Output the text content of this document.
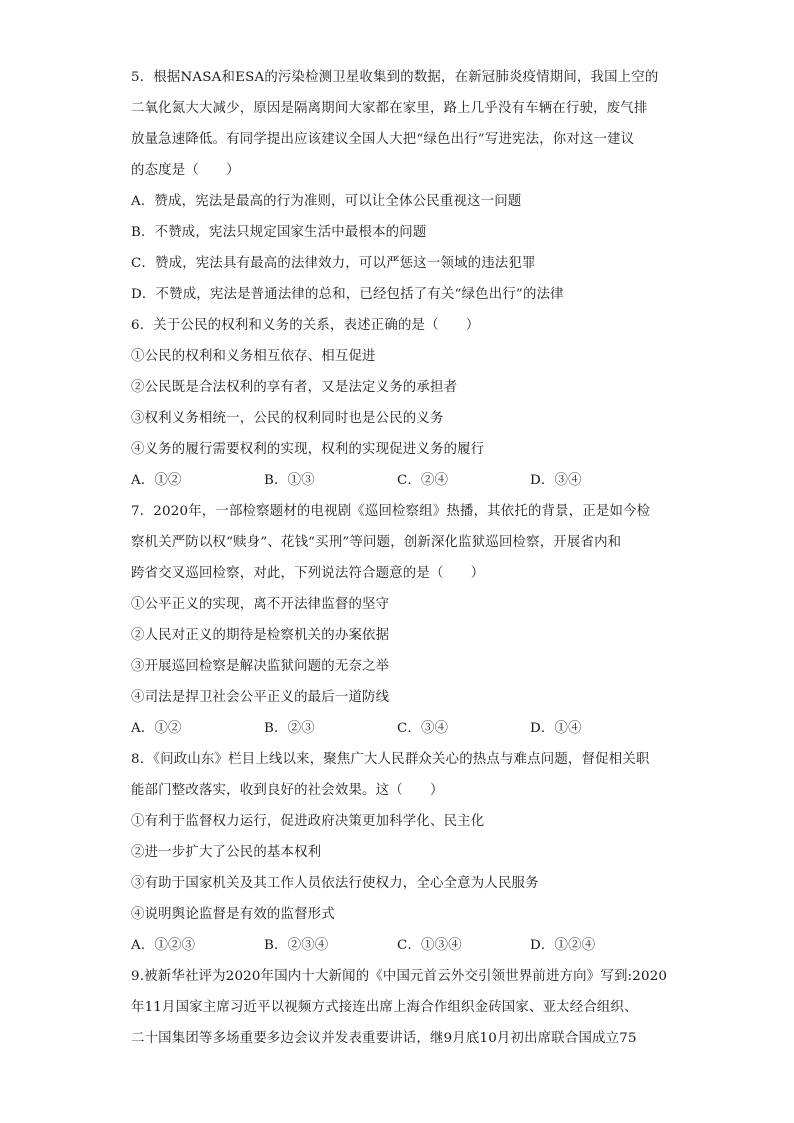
5．根据NASA和ESA的污染检测卫星收集到的数据，在新冠肺炎疫情期间，我国上空的
二氧化氮大大减少，原因是隔离期间大家都在家里，路上几乎没有车辆在行驶，废气排
放量急速降低。有同学提出应该建议全国人大把“绿色出行”写进宪法，你对这一建议
的态度是（　　）
A．赞成，宪法是最高的行为准则，可以让全体公民重视这一问题
B．不赞成，宪法只规定国家生活中最根本的问题
C．赞成，宪法具有最高的法律效力，可以严惩这一领域的违法犯罪
D．不赞成，宪法是普通法律的总和，已经包括了有关“绿色出行”的法律
6．关于公民的权利和义务的关系，表述正确的是（　　）
①公民的权利和义务相互依存、相互促进
②公民既是合法权利的享有者，又是法定义务的承担者
③权利义务相统一，公民的权利同时也是公民的义务
④义务的履行需要权利的实现，权利的实现促进义务的履行
A．①②	B．①③	C．②④	D．③④
7．2020年，一部检察题材的电视剧《巡回检察组》热播，其依托的背景，正是如今检
察机关严防以权“赎身”、花钱“买刑”等问题，创新深化监狱巡回检察，开展省内和
跨省交叉巡回检察，对此，下列说法符合题意的是（　　）
①公平正义的实现，离不开法律监督的坚守
②人民对正义的期待是检察机关的办案依据
③开展巡回检察是解决监狱问题的无奈之举
④司法是捍卫社会公平正义的最后一道防线
A．①②	B．②③	C．③④	D．①④
8．《问政山东》栏目上线以来，聚焦广大人民群众关心的热点与难点问题，督促相关职
能部门整改落实，收到良好的社会效果。这（　　）
①有利于监督权力运行，促进政府决策更加科学化、民主化
②进一步扩大了公民的基本权利
③有助于国家机关及其工作人员依法行使权力，全心全意为人民服务
④说明舆论监督是有效的监督形式
A．①②③	B．②③④	C．①③④	D．①②④
9.被新华社评为2020年国内十大新闻的《中国元首云外交引领世界前进方向》写到:2020
年11月国家主席习近平以视频方式接连出席上海合作组织金砖国家、亚太经合组织、
二十国集团等多场重要多边会议并发表重要讲话，继9月底10月初出席联合国成立75
